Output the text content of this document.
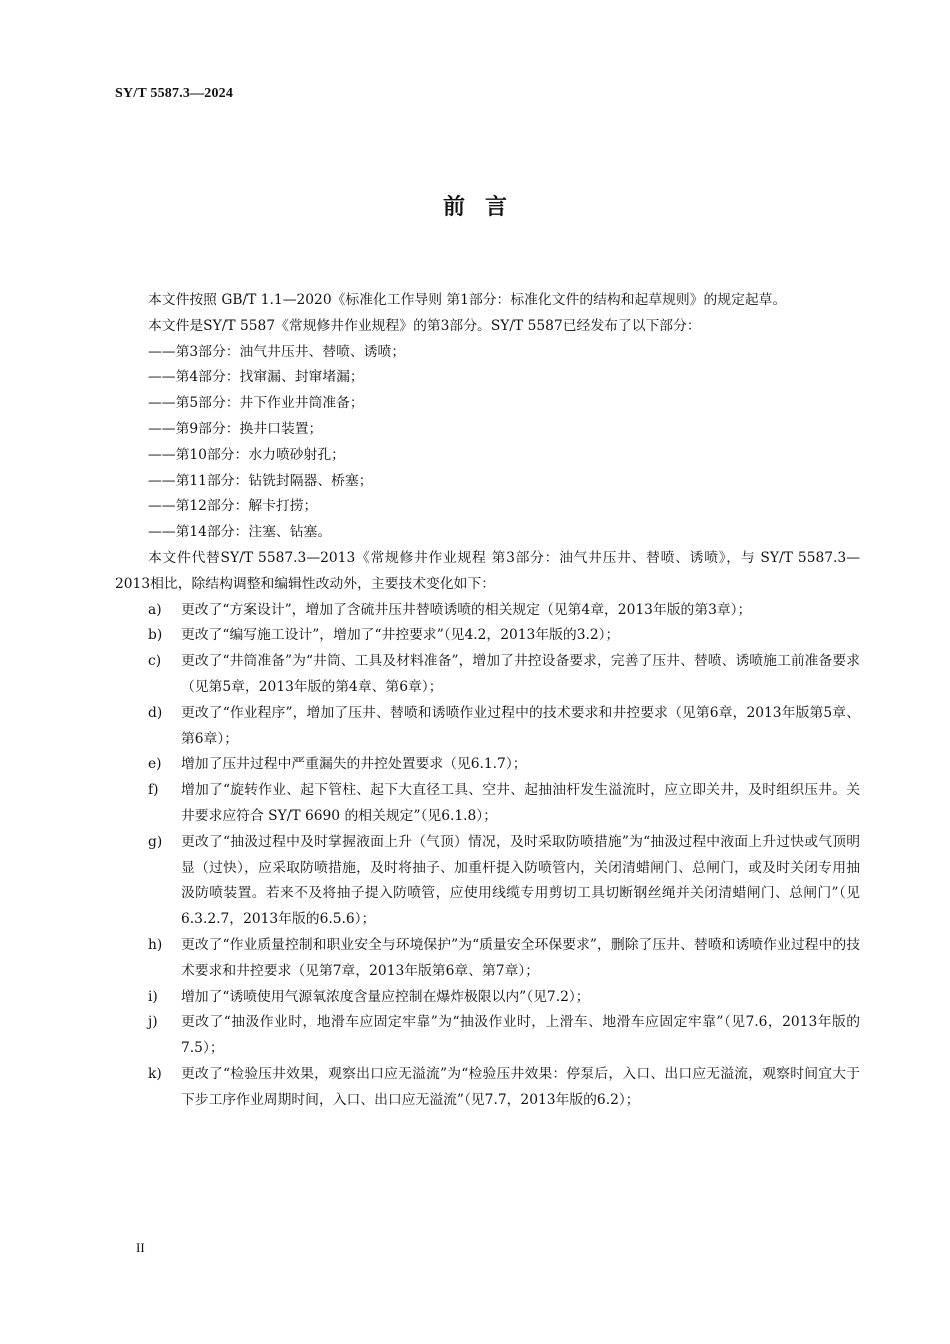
SY/T 5587.3—2024
前言

本文件按照 GB/T 1.1—2020《标准化工作导则 第1部分：标准化文件的结构和起草规则》的规定起草。

本文件是SY/T 5587《常规修井作业规程》的第3部分。SY/T 5587已经发布了以下部分：

——第3部分：油气井压井、替喷、诱喷；

——第4部分：找窜漏、封窜堵漏；

——第5部分：井下作业井筒准备；

——第9部分：换井口装置；

——第10部分：水力喷砂射孔；

——第11部分：钻铣封隔器、桥塞；

——第12部分：解卡打捞；

——第14部分：注塞、钻塞。

本文件代替SY/T 5587.3—2013《常规修井作业规程 第3部分：油气井压井、替喷、诱喷》，与 SY/T 5587.3—2013相比，除结构调整和编辑性改动外，主要技术变化如下：

a)	更改了“方案设计”，增加了含硫井压井替喷诱喷的相关规定（见第4章，2013年版的第3章）；
b)	更改了“编写施工设计”，增加了“井控要求”（见4.2，2013年版的3.2）；
c)	更改了“井筒准备”为“井筒、工具及材料准备”，增加了井控设备要求，完善了压井、替喷、诱喷施工前准备要求（见第5章，2013年版的第4章、第6章）；
d)	更改了“作业程序”，增加了压井、替喷和诱喷作业过程中的技术要求和井控要求（见第6章，2013年版第5章、第6章）；
e)	增加了压井过程中严重漏失的井控处置要求（见6.1.7）；
f)	增加了“旋转作业、起下管柱、起下大直径工具、空井、起抽油杆发生溢流时，应立即关井，及时组织压井。关井要求应符合 SY/T 6690 的相关规定”（见6.1.8）；
g)	更改了“抽汲过程中及时掌握液面上升（气顶）情况，及时采取防喷措施”为“抽汲过程中液面上升过快或气顶明显（过快），应采取防喷措施，及时将抽子、加重杆提入防喷管内，关闭清蜡闸门、总闸门，或及时关闭专用抽汲防喷装置。若来不及将抽子提入防喷管，应使用线缆专用剪切工具切断钢丝绳并关闭清蜡闸门、总闸门”（见6.3.2.7，2013年版的6.5.6）；
h)	更改了“作业质量控制和职业安全与环境保护”为“质量安全环保要求”，删除了压井、替喷和诱喷作业过程中的技术要求和井控要求（见第7章，2013年版第6章、第7章）；
i)	增加了“诱喷使用气源氧浓度含量应控制在爆炸极限以内”（见7.2）；
j)	更改了“抽汲作业时，地滑车应固定牢靠”为“抽汲作业时，上滑车、地滑车应固定牢靠”（见7.6，2013年版的7.5）；
k)	更改了“检验压井效果，观察出口应无溢流”为“检验压井效果：停泵后，入口、出口应无溢流，观察时间宜大于下步工序作业周期时间，入口、出口应无溢流”（见7.7，2013年版的6.2）；
II
